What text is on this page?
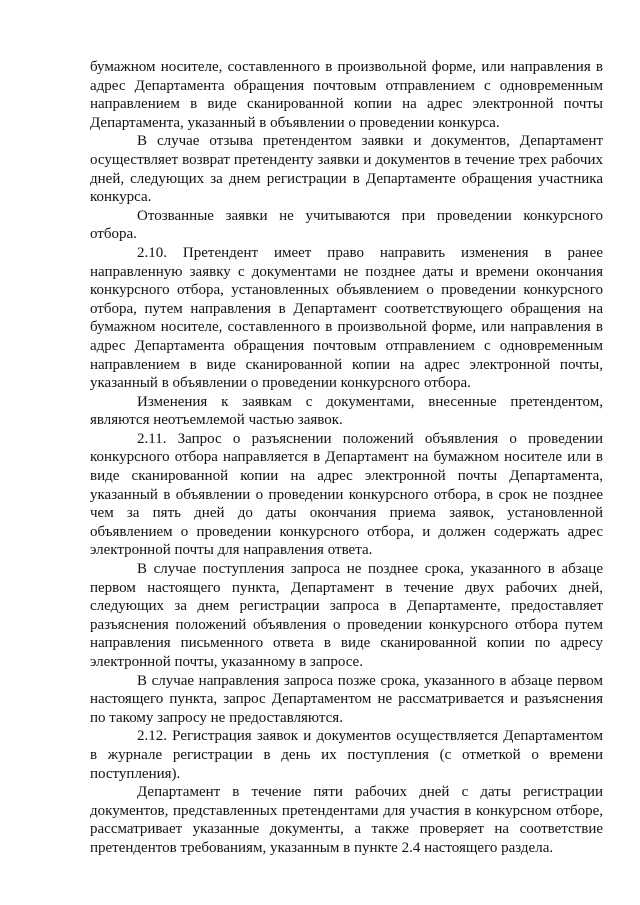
бумажном носителе, составленного в произвольной форме, или направления в адрес Департамента обращения почтовым отправлением с одновременным направлением в виде сканированной копии на адрес электронной почты Департамента, указанный в объявлении о проведении конкурса.

В случае отзыва претендентом заявки и документов, Департамент осуществляет возврат претенденту заявки и документов в течение трех рабочих дней, следующих за днем регистрации в Департаменте обращения участника конкурса.

Отозванные заявки не учитываются при проведении конкурсного отбора.

2.10. Претендент имеет право направить изменения в ранее направленную заявку с документами не позднее даты и времени окончания конкурсного отбора, установленных объявлением о проведении конкурсного отбора, путем направления в Департамент соответствующего обращения на бумажном носителе, составленного в произвольной форме, или направления в адрес Департамента обращения почтовым отправлением с одновременным направлением в виде сканированной копии на адрес электронной почты, указанный в объявлении о проведении конкурсного отбора.

Изменения к заявкам с документами, внесенные претендентом, являются неотъемлемой частью заявок.

2.11. Запрос о разъяснении положений объявления о проведении конкурсного отбора направляется в Департамент на бумажном носителе или в виде сканированной копии на адрес электронной почты Департамента, указанный в объявлении о проведении конкурсного отбора, в срок не позднее чем за пять дней до даты окончания приема заявок, установленной объявлением о проведении конкурсного отбора, и должен содержать адрес электронной почты для направления ответа.

В случае поступления запроса не позднее срока, указанного в абзаце первом настоящего пункта, Департамент в течение двух рабочих дней, следующих за днем регистрации запроса в Департаменте, предоставляет разъяснения положений объявления о проведении конкурсного отбора путем направления письменного ответа в виде сканированной копии по адресу электронной почты, указанному в запросе.

В случае направления запроса позже срока, указанного в абзаце первом настоящего пункта, запрос Департаментом не рассматривается и разъяснения по такому запросу не предоставляются.

2.12. Регистрация заявок и документов осуществляется Департаментом в журнале регистрации в день их поступления (с отметкой о времени поступления).

Департамент в течение пяти рабочих дней с даты регистрации документов, представленных претендентами для участия в конкурсном отборе, рассматривает указанные документы, а также проверяет на соответствие претендентов требованиям, указанным в пункте 2.4 настоящего раздела.
